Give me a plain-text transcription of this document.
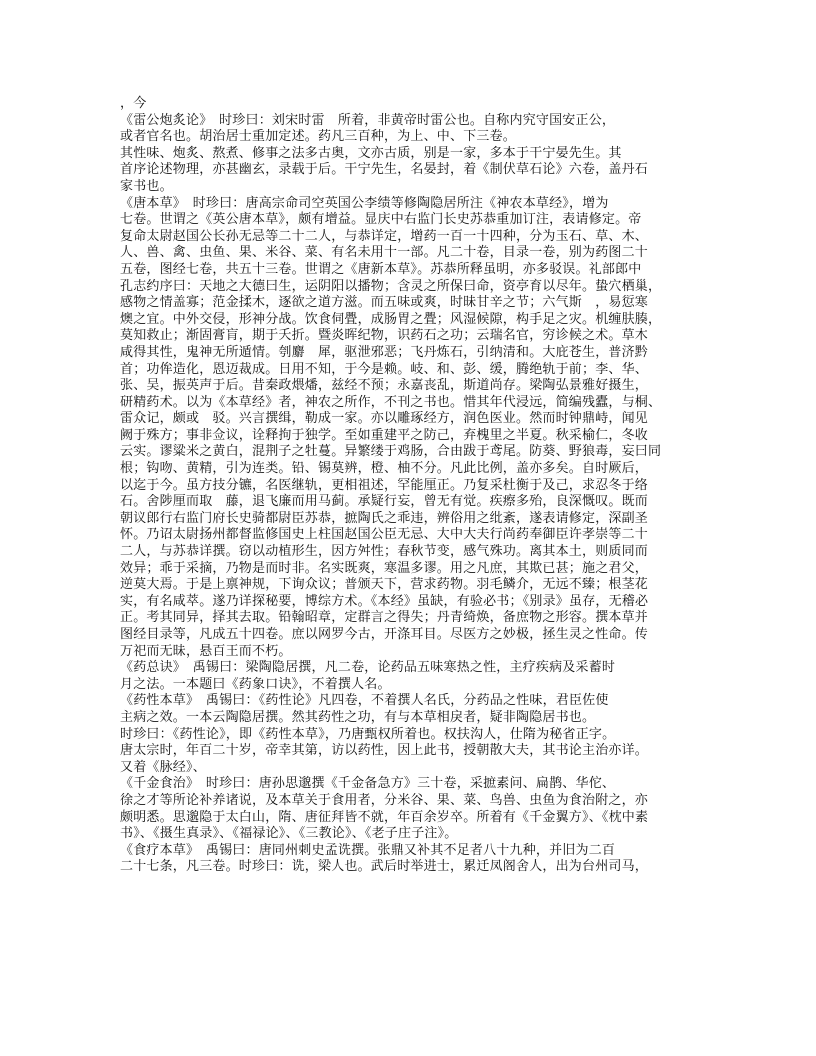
，今
《雷公炮炙论》　时珍曰：刘宋时雷　所着，非黄帝时雷公也。自称内究守国安正公，
或者官名也。胡治居士重加定述。药凡三百种，为上、中、下三卷。
其性味、炮炙、熬煮、修事之法多古奥，文亦古质，别是一家，多本于干宁晏先生。其
首序论述物理，亦甚幽玄，录载于后。干宁先生，名晏封，着《制伏草石论》六卷，盖丹石
家书也。
《唐本草》　时珍曰：唐高宗命司空英国公李绩等修陶隐居所注《神农本草经》，增为
七卷。世谓之《英公唐本草》，颇有增益。显庆中右监门长史苏恭重加订注，表请修定。帝
复命太尉赵国公长孙无忌等二十二人，与恭详定，增药一百一十四种，分为玉石、草、木、
人、兽、禽、虫鱼、果、米谷、菜、有名未用十一部。凡二十卷，目录一卷，别为药图二十
五卷，图经七卷，共五十三卷。世谓之《唐新本草》。苏恭所释虽明，亦多驳误。礼部郎中
孔志约序曰：天地之大德曰生，运阴阳以播物；含灵之所保曰命，资亭育以尽年。蛰穴栖巢，
感物之情盖寡；范金揉木，逐欲之道方滋。而五味或爽，时昧甘辛之节；六气斯　，易愆寒
燠之宜。中外交侵，形神分战。饮食伺舋，成肠胃之舋；风湿候隙，构手足之灾。机缠肤腠，
莫知救止；渐固膏肓，期于夭折。暨炎晖纪物，识药石之功；云瑞名官，穷诊候之术。草木
咸得其性，鬼神无所遁情。刳麝　犀，驱泄邪恶；飞丹炼石，引纳清和。大庇苍生，普济黔
首；功侔造化，恩迈裁成。日用不知，于今是赖。岐、和、彭、缓，腾绝轨于前；李、华、
张、吴，振英声于后。昔秦政煨燔，兹经不预；永嘉丧乱，斯道尚存。梁陶弘景雅好摄生，
研精药术。以为《本草经》者，神农之所作，不刊之书也。惜其年代浸远，简编残蠹，与桐、
雷众记，颇或　驳。兴言撰缉，勒成一家。亦以雕琢经方，润色医业。然而时钟鼎峙，闻见
阙于殊方；事非佥议，诠释拘于独学。至如重建平之防己，弃槐里之半夏。秋采榆仁，冬收
云实。谬粱米之黄白，混荆子之牡蔓。异繁缕于鸡肠，合由跋于鸢尾。防葵、野狼毒，妄曰同
根；钩吻、黄精，引为连类。铅、锡莫辨，橙、柚不分。凡此比例，盖亦多矣。自时厥后，
以迄于今。虽方技分镳，名医继轨，更相祖述，罕能厘正。乃复采杜衡于及己，求忍冬于络
石。舍陟厘而取　藤，退飞廉而用马蓟。承疑行妄，曾无有觉。疾瘵多殆，良深慨叹。既而
朝议郎行右监门府长史骑都尉臣苏恭，摭陶氏之乖违，辨俗用之纰紊，遂表请修定，深副圣
怀。乃诏太尉扬州都督监修国史上柱国赵国公臣无忌、大中大夫行尚药奉御臣许孝崇等二十
二人，与苏恭详撰。窃以动植形生，因方舛性；春秋节变，感气殊功。离其本土，则质同而
效异；乖于采摘，乃物是而时非。名实既爽，寒温多谬。用之凡庶，其欺已甚；施之君父，
逆莫大焉。于是上禀神规，下询众议；普颁天下，营求药物。羽毛鳞介，无远不臻；根茎花
实，有名咸萃。遂乃详探秘要，博综方术。《本经》虽缺，有验必书；《别录》虽存，无稽必
正。考其同异，择其去取。铅翰昭章，定群言之得失；丹青绮焕，备庶物之形容。撰本草并
图经目录等，凡成五十四卷。庶以网罗今古，开涤耳目。尽医方之妙极，拯生灵之性命。传
万祀而无昧，悬百王而不朽。
《药总诀》　禹锡曰：梁陶隐居撰，凡二卷，论药品五味寒热之性，主疗疾病及采蓄时
月之法。一本题曰《药象口诀》，不着撰人名。
《药性本草》　禹锡曰：《药性论》凡四卷，不着撰人名氏，分药品之性味，君臣佐使
主病之效。一本云陶隐居撰。然其药性之功，有与本草相戾者，疑非陶隐居书也。
时珍曰：《药性论》，即《药性本草》，乃唐甄权所着也。权扶沟人，仕隋为秘省正字。
唐太宗时，年百二十岁，帝幸其第，访以药性，因上此书，授朝散大夫，其书论主治亦详。
又着《脉经》、
《千金食治》　时珍曰：唐孙思邈撰《千金备急方》三十卷，采摭素问、扁鹊、华佗、
徐之才等所论补养诸说，及本草关于食用者，分米谷、果、菜、鸟兽、虫鱼为食治附之，亦
颇明悉。思邈隐于太白山，隋、唐征拜皆不就，年百余岁卒。所着有《千金翼方》、《枕中素
书》、《摄生真录》、《福禄论》、《三教论》、《老子庄子注》。
《食疗本草》　禹锡曰：唐同州刺史孟诜撰。张鼎又补其不足者八十九种，并旧为二百
二十七条，凡三卷。时珍曰：诜，梁人也。武后时举进士，累迁凤阁舍人，出为台州司马，
